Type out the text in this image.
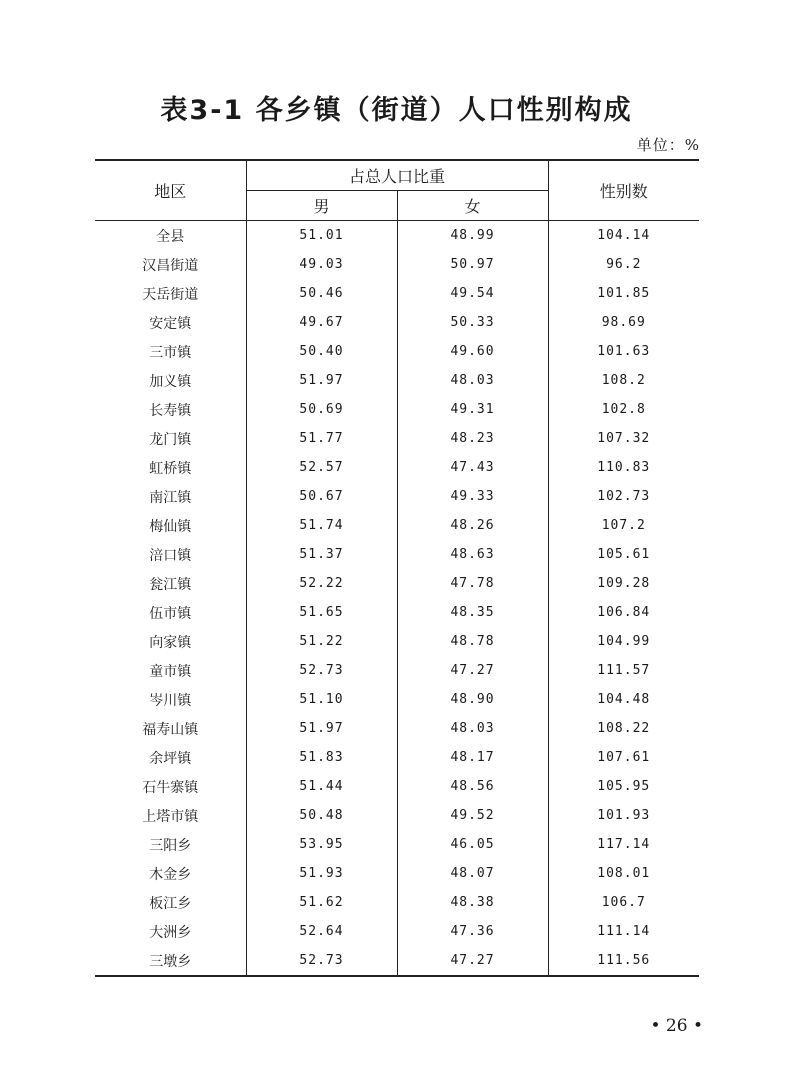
表3-1 各乡镇（街道）人口性别构成
单位：%
地区	占总人口比重		性别数
	男	女	
全县	51.01	48.99	104.14
汉昌街道	49.03	50.97	96.2
天岳街道	50.46	49.54	101.85
安定镇	49.67	50.33	98.69
三市镇	50.40	49.60	101.63
加义镇	51.97	48.03	108.2
长寿镇	50.69	49.31	102.8
龙门镇	51.77	48.23	107.32
虹桥镇	52.57	47.43	110.83
南江镇	50.67	49.33	102.73
梅仙镇	51.74	48.26	107.2
涪口镇	51.37	48.63	105.61
瓮江镇	52.22	47.78	109.28
伍市镇	51.65	48.35	106.84
向家镇	51.22	48.78	104.99
童市镇	52.73	47.27	111.57
岑川镇	51.10	48.90	104.48
福寿山镇	51.97	48.03	108.22
余坪镇	51.83	48.17	107.61
石牛寨镇	51.44	48.56	105.95
上塔市镇	50.48	49.52	101.93
三阳乡	53.95	46.05	117.14
木金乡	51.93	48.07	108.01
板江乡	51.62	48.38	106.7
大洲乡	52.64	47.36	111.14
三墩乡	52.73	47.27	111.56
• 26 •
